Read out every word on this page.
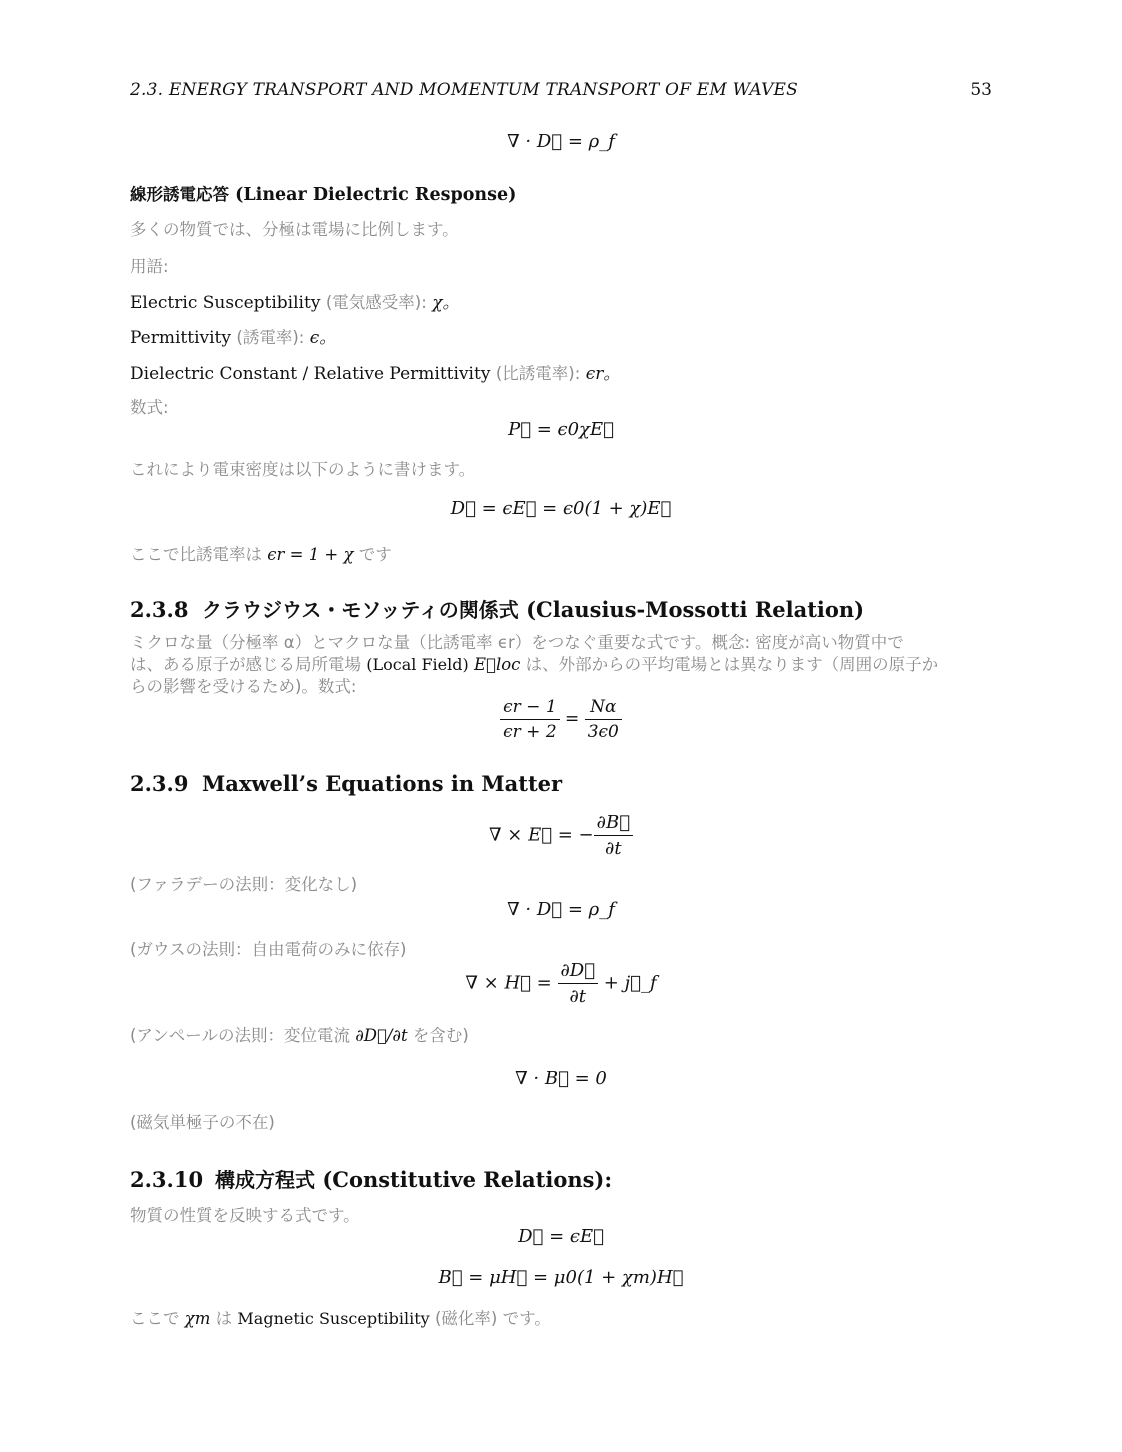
2.3. ENERGY TRANSPORT AND MOMENTUM TRANSPORT OF EM WAVES	53
∇ · D⃗ = ρ_f
線形誘電応答 (Linear Dielectric Response)
多くの物質では、分極は電場に比例します。
用語:
Electric Susceptibility (電気感受率): χ。
Permittivity (誘電率): ϵ。
Dielectric Constant / Relative Permittivity (比誘電率): ϵr。
数式:
P⃗ = ϵ0χE⃗
これにより電束密度は以下のように書けます。
D⃗ = ϵE⃗ = ϵ0(1 + χ)E⃗
ここで比誘電率は ϵr = 1 + χ です
2.3.8 クラウジウス・モソッティの関係式 (Clausius-Mossotti Relation)
ミクロな量（分極率 α）とマクロな量（比誘電率 ϵr）をつなぐ重要な式です。概念: 密度が高い物質中で
は、ある原子が感じる局所電場 (Local Field) E⃗loc は、外部からの平均電場とは異なります（周囲の原子か
らの影響を受けるため)。数式:
$\frac{\epsilon r - 1}{\epsilon r + 2} = \frac{N\alpha}{3\epsilon 0}$
2.3.9 Maxwell’s Equations in Matter
∇ × E⃗ = − $\frac{\partial B⃗}{\partial t}$
(ファラデーの法則：変化なし)
∇ · D⃗ = ρ_f
(ガウスの法則：自由電荷のみに依存)
∇ × H⃗ = $\frac{\partial D⃗}{\partial t}$ + j⃗_f
(アンペールの法則：変位電流 ∂D⃗/∂t を含む)
∇ · B⃗ = 0
(磁気単極子の不在)
2.3.10 構成方程式 (Constitutive Relations):
物質の性質を反映する式です。
D⃗ = ϵE⃗
B⃗ = μH⃗ = μ0(1 + χm)H⃗
ここで χm は Magnetic Susceptibility (磁化率) です。
